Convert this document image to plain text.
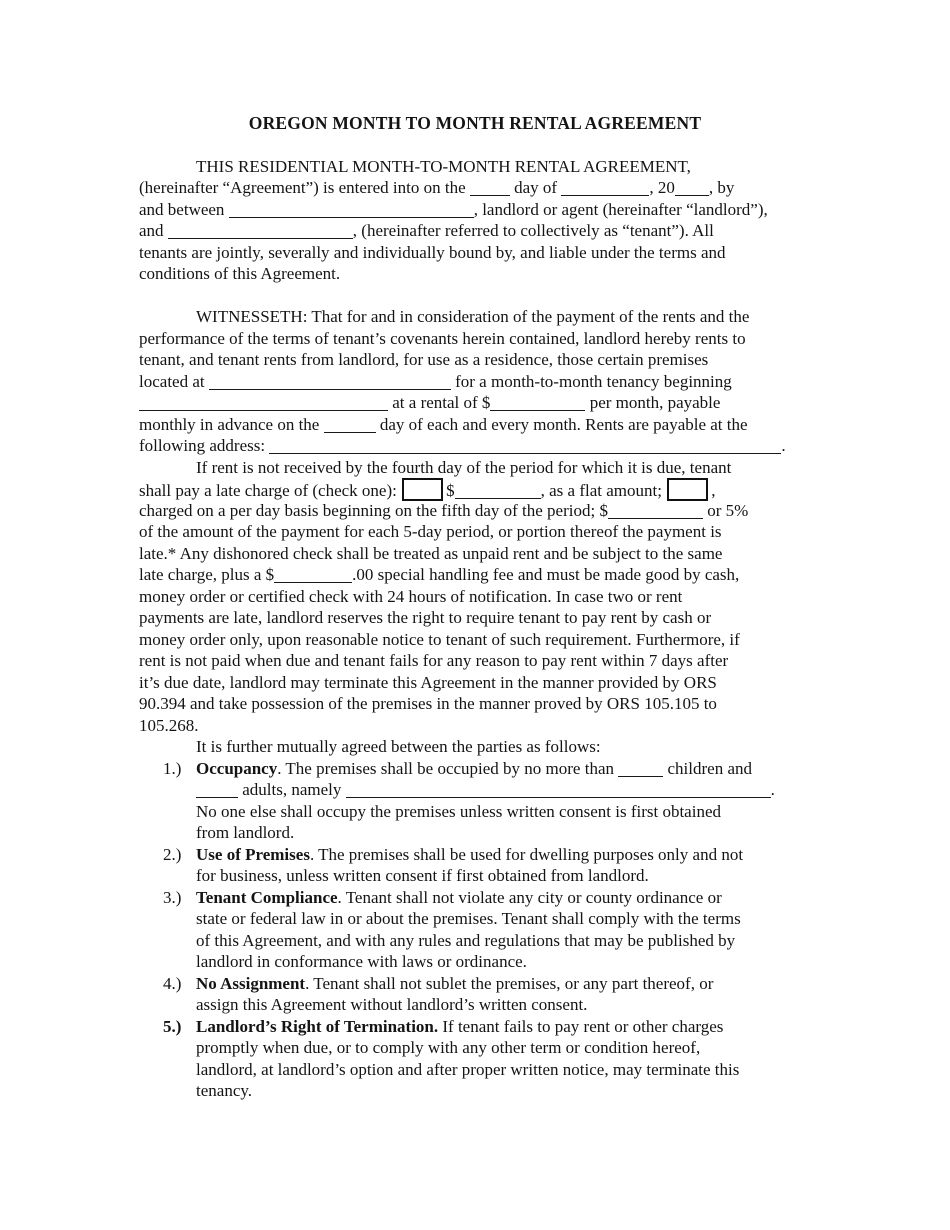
OREGON MONTH TO MONTH RENTAL AGREEMENT
THIS RESIDENTIAL MONTH-TO-MONTH RENTAL AGREEMENT,
(hereinafter “Agreement”) is entered into on the  day of	, 20 , by
and between	, landlord or agent (hereinafter “landlord”),
and	, (hereinafter referred to collectively as “tenant”). All
tenants are jointly, severally and individually bound by, and liable under the terms and
conditions of this Agreement.
WITNESSETH: That for and in consideration of the payment of the rents and the
performance of the terms of tenant’s covenants herein contained, landlord hereby rents to
tenant, and tenant rents from landlord, for use as a residence, those certain premises
located at	for a month-to-month tenancy beginning
at a rental of $	per month, payable
monthly in advance on the	day of each and every month. Rents are payable at the
following address:	.
If rent is not received by the fourth day of the period for which it is due, tenant
shall pay a late charge of (check one):	$	, as a flat amount;	,
charged on a per day basis beginning on the fifth day of the period; $	or 5%
of the amount of the payment for each 5-day period, or portion thereof the payment is
late.* Any dishonored check shall be treated as unpaid rent and be subject to the same
late charge, plus a $	.00 special handling fee and must be made good by cash,
money order or certified check with 24 hours of notification. In case two or rent
payments are late, landlord reserves the right to require tenant to pay rent by cash or
money order only, upon reasonable notice to tenant of such requirement. Furthermore, if
rent is not paid when due and tenant fails for any reason to pay rent within 7 days after
it’s due date, landlord may terminate this Agreement in the manner provided by ORS
90.394 and take possession of the premises in the manner proved by ORS 105.105 to
105.268.
It is further mutually agreed between the parties as follows:
1.) Occupancy. The premises shall be occupied by no more than	children and
adults, namely	.
No one else shall occupy the premises unless written consent is first obtained
from landlord.
2.) Use of Premises. The premises shall be used for dwelling purposes only and not
for business, unless written consent if first obtained from landlord.
3.) Tenant Compliance. Tenant shall not violate any city or county ordinance or
state or federal law in or about the premises. Tenant shall comply with the terms
of this Agreement, and with any rules and regulations that may be published by
landlord in conformance with laws or ordinance.
4.) No Assignment. Tenant shall not sublet the premises, or any part thereof, or
assign this Agreement without landlord’s written consent.
5.) Landlord’s Right of Termination. If tenant fails to pay rent or other charges
promptly when due, or to comply with any other term or condition hereof,
landlord, at landlord’s option and after proper written notice, may terminate this
tenancy.
